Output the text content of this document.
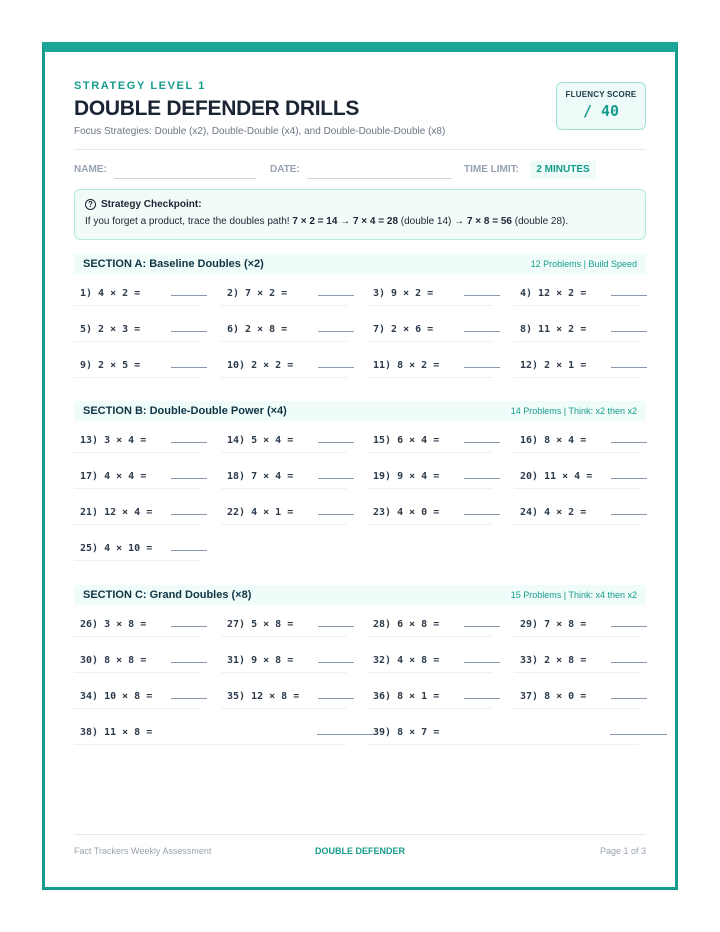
STRATEGY LEVEL 1
DOUBLE DEFENDER DRILLS
Focus Strategies: Double (x2), Double-Double (x4), and Double-Double-Double (x8)
FLUENCY SCORE
/ 40
NAME:	DATE:	TIME LIMIT:	2 MINUTES
? Strategy Checkpoint:
If you forget a product, trace the doubles path! 7 × 2 = 14 → 7 × 4 = 28 (double 14) → 7 × 8 = 56 (double 28).
SECTION A: Baseline Doubles (×2)	12 Problems | Build Speed
SECTION B: Double-Double Power (×4)	14 Problems | Think: x2 then x2
SECTION C: Grand Doubles (×8)	15 Problems | Think: x4 then x2
1) 4 × 2 =	2) 7 × 2 =	3) 9 × 2 =	4) 12 × 2 =
5) 2 × 3 =	6) 2 × 8 =	7) 2 × 6 =	8) 11 × 2 =
9) 2 × 5 =	10) 2 × 2 =	11) 8 × 2 =	12) 2 × 1 =
13) 3 × 4 =	14) 5 × 4 =	15) 6 × 4 =	16) 8 × 4 =
17) 4 × 4 =	18) 7 × 4 =	19) 9 × 4 =	20) 11 × 4 =
21) 12 × 4 =	22) 4 × 1 =	23) 4 × 0 =	24) 4 × 2 =
25) 4 × 10 =
26) 3 × 8 =	27) 5 × 8 =	28) 6 × 8 =	29) 7 × 8 =
30) 8 × 8 =	31) 9 × 8 =	32) 4 × 8 =	33) 2 × 8 =
34) 10 × 8 =	35) 12 × 8 =	36) 8 × 1 =	37) 8 × 0 =
38) 11 × 8 =	39) 8 × 7 =
Fact Trackers Weekly Assessment	DOUBLE DEFENDER	Page 1 of 3
